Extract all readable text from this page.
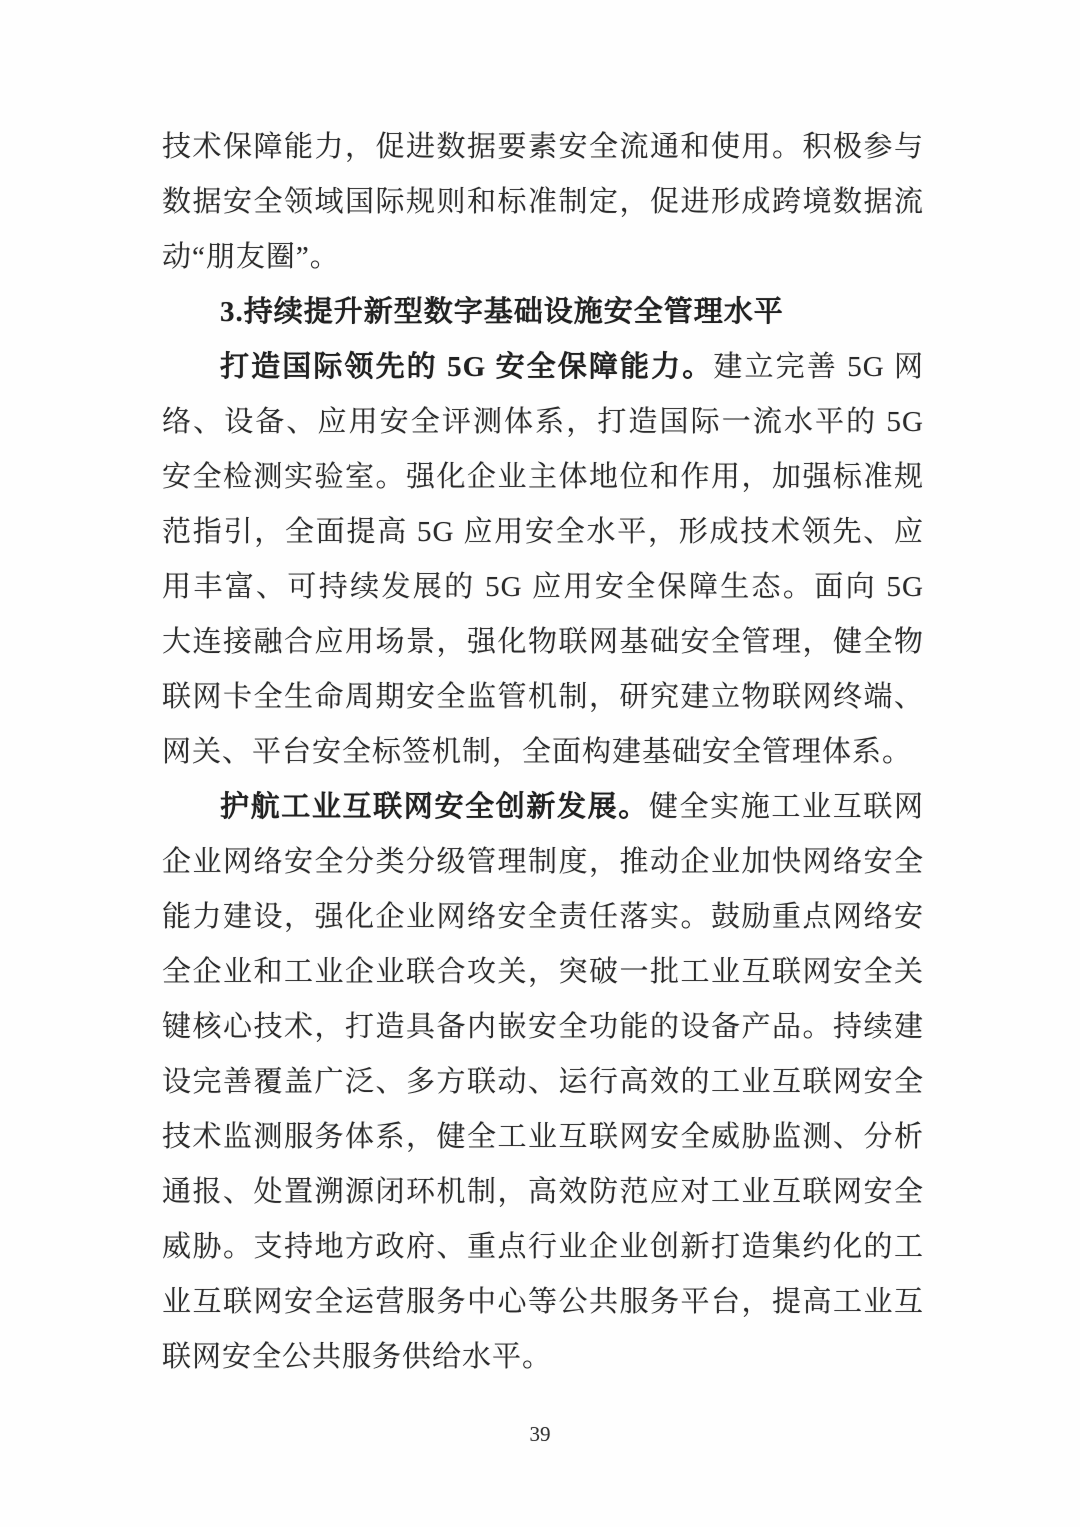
技术保障能力，促进数据要素安全流通和使用。积极参与数据安全领域国际规则和标准制定，促进形成跨境数据流动“朋友圈”。

3.持续提升新型数字基础设施安全管理水平

打造国际领先的 5G 安全保障能力。建立完善 5G 网络、设备、应用安全评测体系，打造国际一流水平的 5G 安全检测实验室。强化企业主体地位和作用，加强标准规范指引，全面提高 5G 应用安全水平，形成技术领先、应用丰富、可持续发展的 5G 应用安全保障生态。面向 5G 大连接融合应用场景，强化物联网基础安全管理，健全物联网卡全生命周期安全监管机制，研究建立物联网终端、网关、平台安全标签机制，全面构建基础安全管理体系。

护航工业互联网安全创新发展。健全实施工业互联网企业网络安全分类分级管理制度，推动企业加快网络安全能力建设，强化企业网络安全责任落实。鼓励重点网络安全企业和工业企业联合攻关，突破一批工业互联网安全关键核心技术，打造具备内嵌安全功能的设备产品。持续建设完善覆盖广泛、多方联动、运行高效的工业互联网安全技术监测服务体系，健全工业互联网安全威胁监测、分析通报、处置溯源闭环机制，高效防范应对工业互联网安全威胁。支持地方政府、重点行业企业创新打造集约化的工业互联网安全运营服务中心等公共服务平台，提高工业互联网安全公共服务供给水平。

39
